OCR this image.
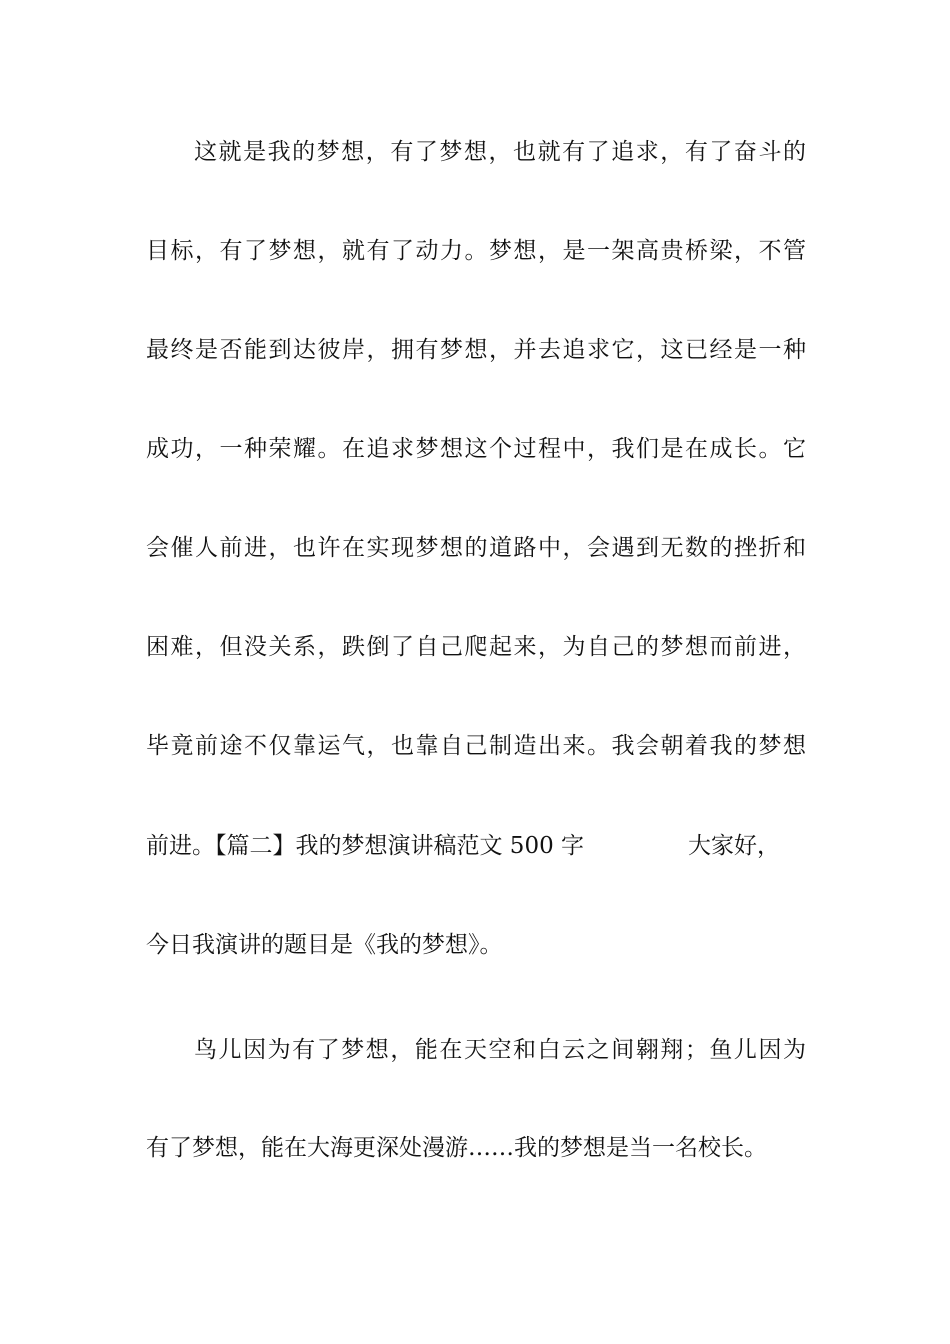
这就是我的梦想，有了梦想，也就有了追求，有了奋斗的
目标，有了梦想，就有了动力。梦想，是一架高贵桥梁，不管
最终是否能到达彼岸，拥有梦想，并去追求它，这已经是一种
成功，一种荣耀。在追求梦想这个过程中，我们是在成长。它
会催人前进，也许在实现梦想的道路中，会遇到无数的挫折和
困难，但没关系，跌倒了自己爬起来，为自己的梦想而前进，
毕竟前途不仅靠运气，也靠自己制造出来。我会朝着我的梦想
前进。【篇二】我的梦想演讲稿范文 500 字	大家好，
今日我演讲的题目是《我的梦想》。
鸟儿因为有了梦想，能在天空和白云之间翱翔；鱼儿因为
有了梦想，能在大海更深处漫游……我的梦想是当一名校长。
